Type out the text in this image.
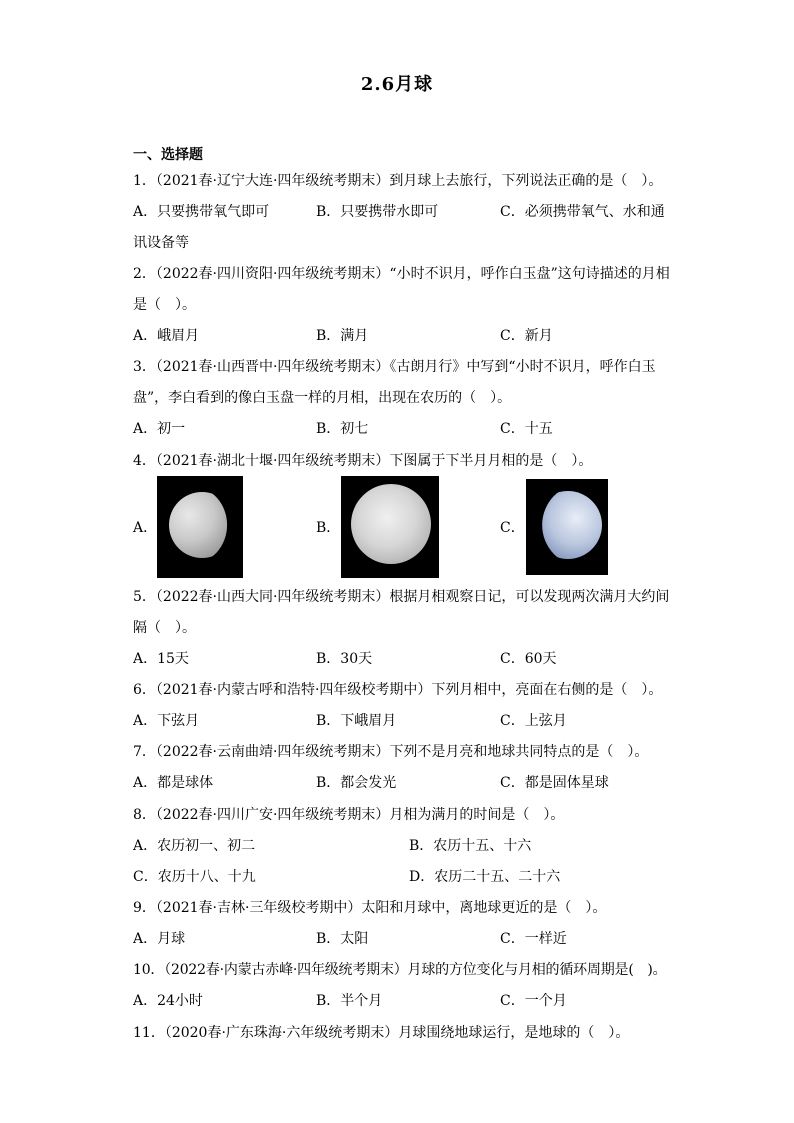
2.6月球
一、选择题
1．（2021春·辽宁大连·四年级统考期末）到月球上去旅行，下列说法正确的是（　）。
A．只要携带氧气即可	B．只要携带水即可	C．必须携带氧气、水和通
讯设备等
2．（2022春·四川资阳·四年级统考期末）“小时不识月，呼作白玉盘”这句诗描述的月相
是（　）。
A．峨眉月	B．满月	C．新月
3．（2021春·山西晋中·四年级统考期末）《古朗月行》中写到“小时不识月，呼作白玉
盘”，李白看到的像白玉盘一样的月相，出现在农历的（　）。
A．初一	B．初七	C．十五
4．（2021春·湖北十堰·四年级统考期末）下图属于下半月月相的是（　）。
A．	B．	C．
5．（2022春·山西大同·四年级统考期末）根据月相观察日记，可以发现两次满月大约间
隔（　）。
A．15天	B．30天	C．60天
6．（2021春·内蒙古呼和浩特·四年级校考期中）下列月相中，亮面在右侧的是（　）。
A．下弦月	B．下峨眉月	C．上弦月
7．（2022春·云南曲靖·四年级统考期末）下列不是月亮和地球共同特点的是（　）。
A．都是球体	B．都会发光	C．都是固体星球
8．（2022春·四川广安·四年级统考期末）月相为满月的时间是（　）。
A．农历初一、初二	B．农历十五、十六
C．农历十八、十九	D．农历二十五、二十六
9．（2021春·吉林·三年级校考期中）太阳和月球中，离地球更近的是（　）。
A．月球	B．太阳	C．一样近
10．（2022春·内蒙古赤峰·四年级统考期末）月球的方位变化与月相的循环周期是(　)。
A．24小时	B．半个月	C．一个月
11．（2020春·广东珠海·六年级统考期末）月球围绕地球运行，是地球的（　）。
